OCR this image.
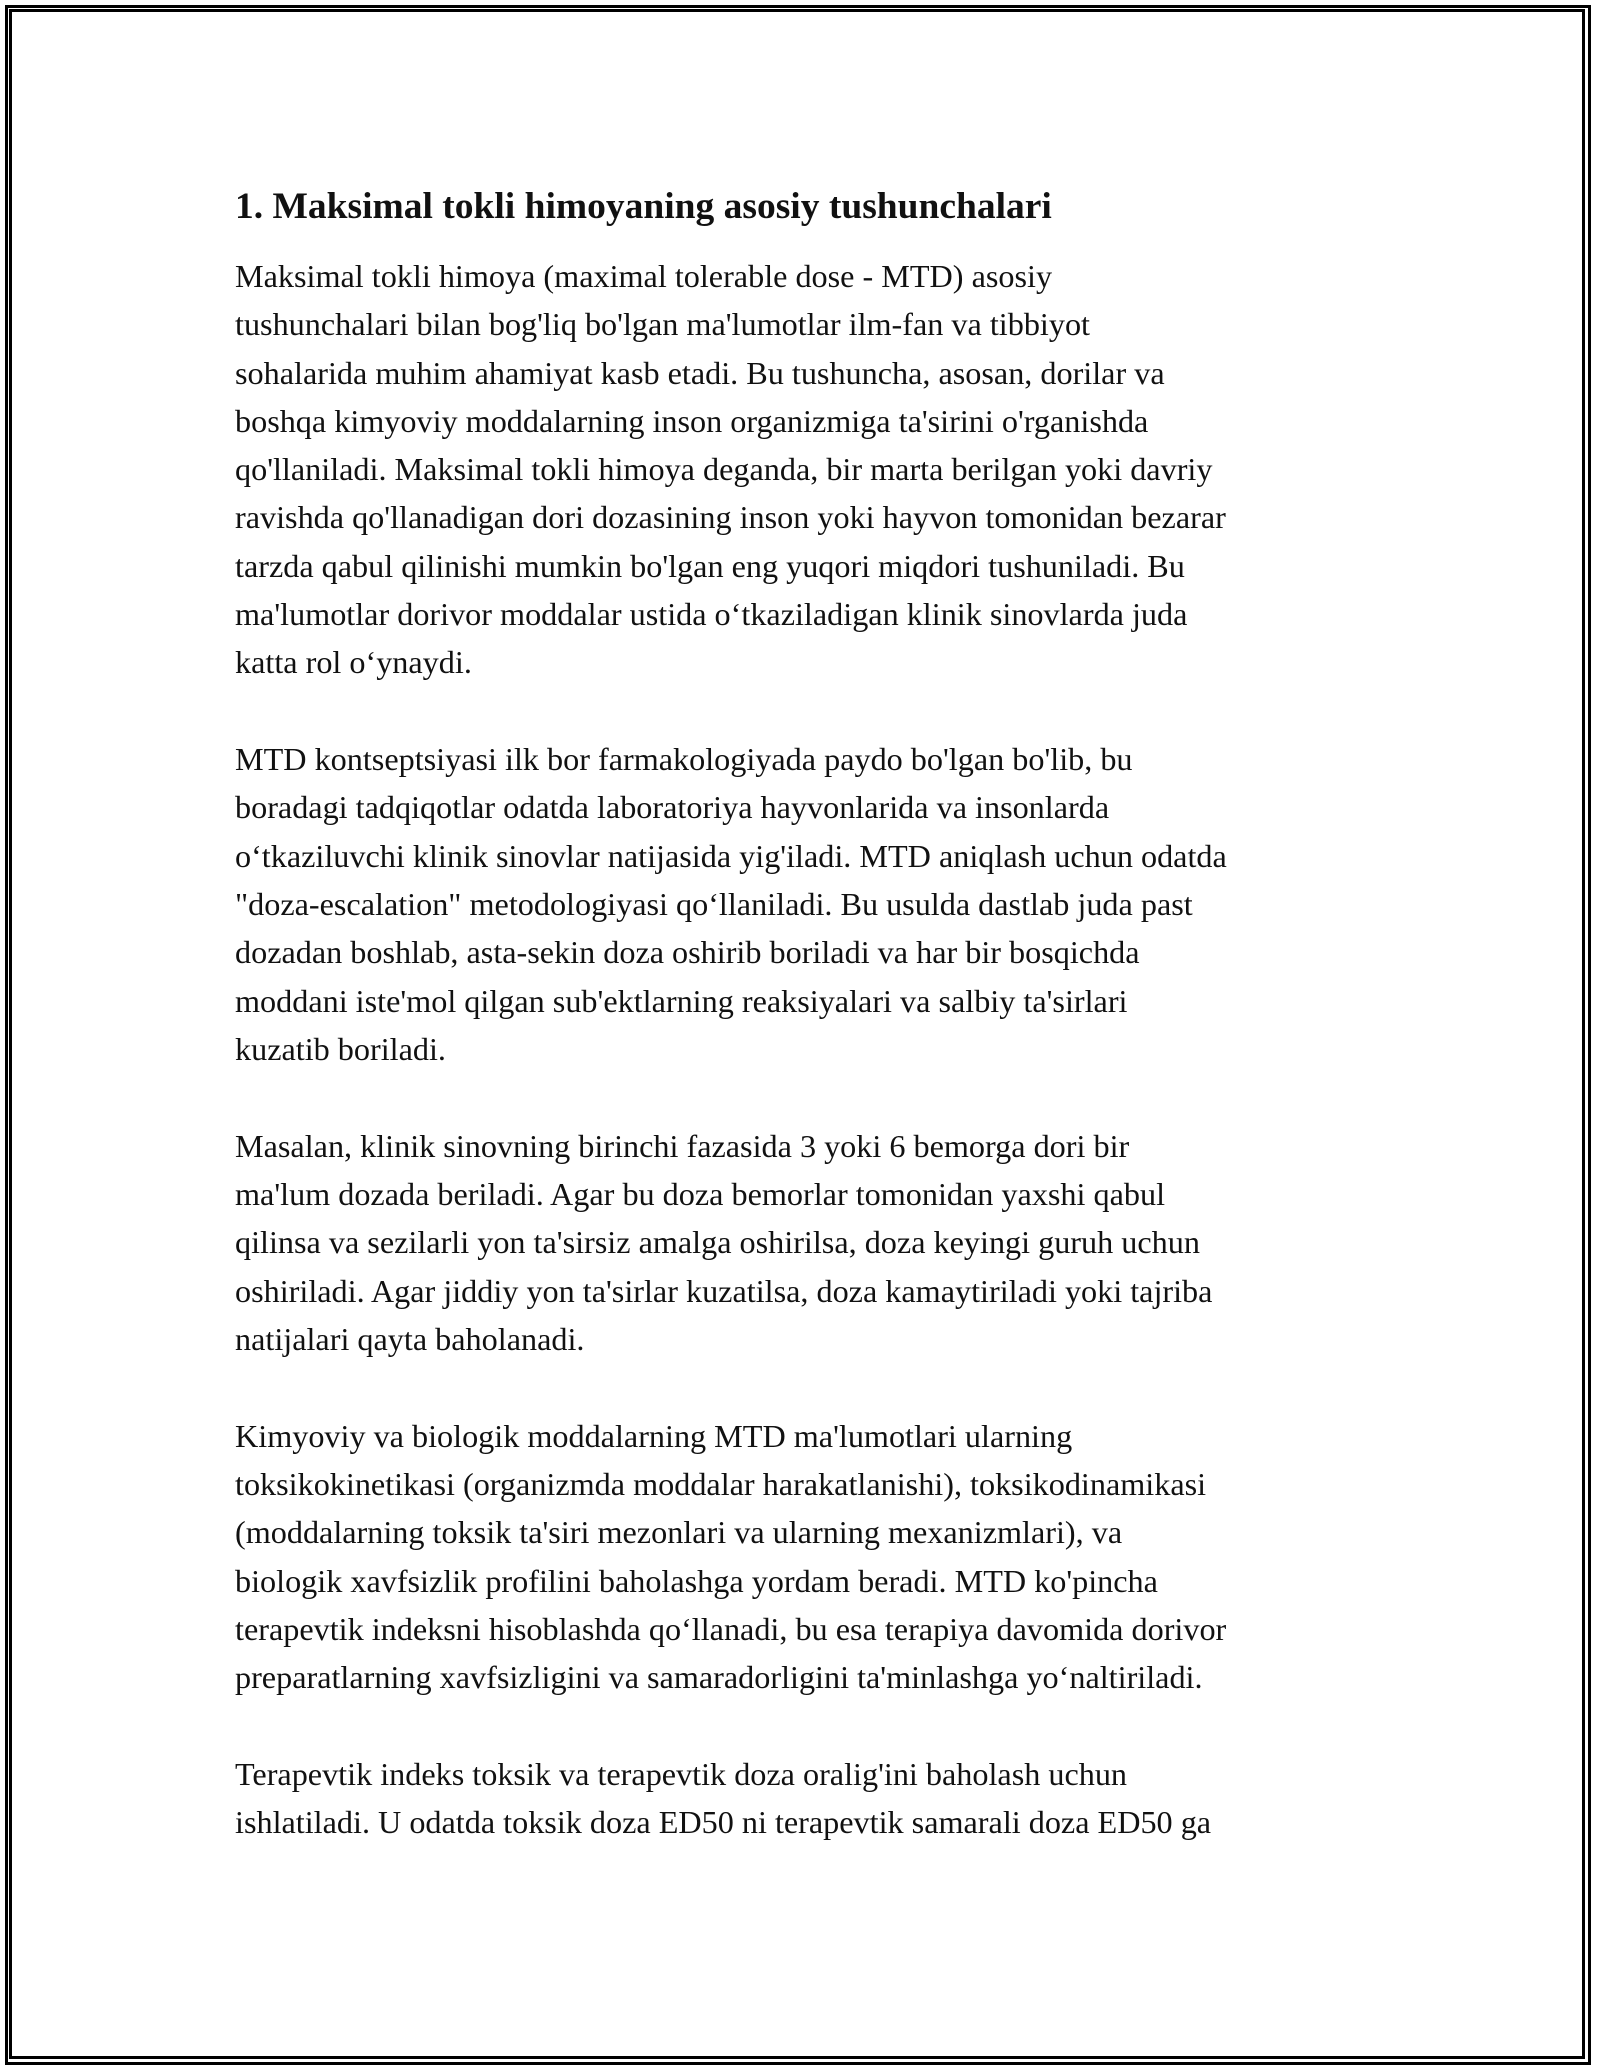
1. Maksimal tokli himoyaning asosiy tushunchalari

Maksimal tokli himoya (maximal tolerable dose - MTD) asosiy
tushunchalari bilan bog'liq bo'lgan ma'lumotlar ilm-fan va tibbiyot
sohalarida muhim ahamiyat kasb etadi. Bu tushuncha, asosan, dorilar va
boshqa kimyoviy moddalarning inson organizmiga ta'sirini o'rganishda
qo'llaniladi. Maksimal tokli himoya deganda, bir marta berilgan yoki davriy
ravishda qo'llanadigan dori dozasining inson yoki hayvon tomonidan bezarar
tarzda qabul qilinishi mumkin bo'lgan eng yuqori miqdori tushuniladi. Bu
ma'lumotlar dorivor moddalar ustida o‘tkaziladigan klinik sinovlarda juda
katta rol o‘ynaydi.

MTD kontseptsiyasi ilk bor farmakologiyada paydo bo'lgan bo'lib, bu
boradagi tadqiqotlar odatda laboratoriya hayvonlarida va insonlarda
o‘tkaziluvchi klinik sinovlar natijasida yig'iladi. MTD aniqlash uchun odatda
"doza-escalation" metodologiyasi qo‘llaniladi. Bu usulda dastlab juda past
dozadan boshlab, asta-sekin doza oshirib boriladi va har bir bosqichda
moddani iste'mol qilgan sub'ektlarning reaksiyalari va salbiy ta'sirlari
kuzatib boriladi.

Masalan, klinik sinovning birinchi fazasida 3 yoki 6 bemorga dori bir
ma'lum dozada beriladi. Agar bu doza bemorlar tomonidan yaxshi qabul
qilinsa va sezilarli yon ta'sirsiz amalga oshirilsa, doza keyingi guruh uchun
oshiriladi. Agar jiddiy yon ta'sirlar kuzatilsa, doza kamaytiriladi yoki tajriba
natijalari qayta baholanadi.

Kimyoviy va biologik moddalarning MTD ma'lumotlari ularning
toksikokinetikasi (organizmda moddalar harakatlanishi), toksikodinamikasi
(moddalarning toksik ta'siri mezonlari va ularning mexanizmlari), va
biologik xavfsizlik profilini baholashga yordam beradi. MTD ko'pincha
terapevtik indeksni hisoblashda qo‘llanadi, bu esa terapiya davomida dorivor
preparatlarning xavfsizligini va samaradorligini ta'minlashga yo‘naltiriladi.

Terapevtik indeks toksik va terapevtik doza oralig'ini baholash uchun
ishlatiladi. U odatda toksik doza ED50 ni terapevtik samarali doza ED50 ga
